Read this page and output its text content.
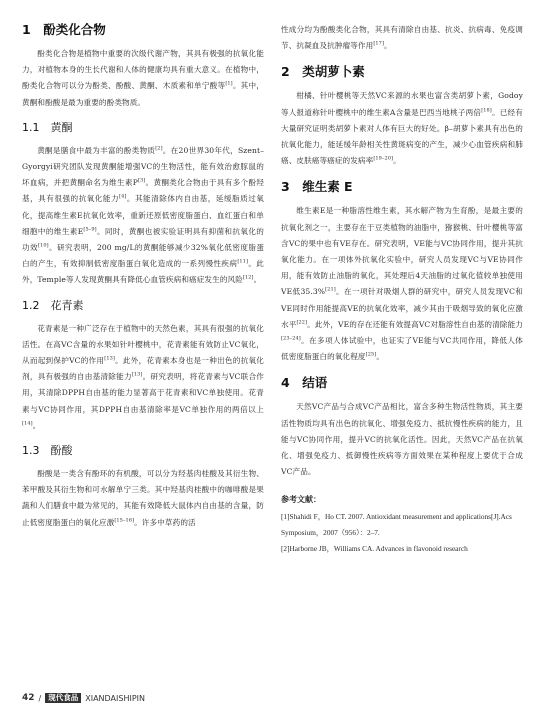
1　酚类化合物

酚类化合物是植物中重要的次级代谢产物，其具有极强的抗氧化能力，对植物本身的生长代谢和人体的健康均具有重大意义。在植物中，酚类化合物可以分为酚类、酚酸、黄酮、木质素和单宁酸等[1]。其中，黄酮和酚酸是最为重要的酚类物质。

1.1　黄酮

黄酮是膳食中最为丰富的酚类物质[2]。在20世界30年代，Szent–Gyorgyi研究团队发现黄酮能增强VC的生物活性，能有效治愈豚鼠的坏血病，并把黄酮命名为维生素P[3]。黄酮类化合物由于具有多个酚羟基，具有很强的抗氧化能力[4]。其能清除体内自由基，延缓脂质过氧化，提高维生素E抗氧化效率，重新还原低密度脂蛋白、血红蛋白和单细胞中的维生素E[5–9]。同时，黄酮也被实验证明具有抑菌和抗氧化的功效[10]。研究表明，200 mg/L的黄酮能够减少32%氧化低密度脂蛋白的产生，有效抑制低密度脂蛋白氧化造成的一系列慢性疾病[11]。此外，Temple等人发现黄酮具有降低心血管疾病和癌症发生的风险[12]。

1.2　花青素

花青素是一种广泛存在于植物中的天然色素，其具有很强的抗氧化活性。在高VC含量的水果如针叶樱桃中，花青素能有效防止VC氧化，从而起到保护VC的作用[13]。此外，花青素本身也是一种出色的抗氧化剂，具有极强的自由基清除能力[13]。研究表明，将花青素与VC联合作用，其清除DPPH自由基的能力显著高于花青素和VC单独使用。花青素与VC协同作用，其DPPH自由基清除率是VC单独作用的两倍以上[14]。

1.3　酚酸

酚酸是一类含有酚环的有机酸，可以分为羟基肉桂酸及其衍生物、苯甲酸及其衍生物和可水解单宁三类。其中羟基肉桂酸中的咖啡酸是果蔬和人们膳食中最为常见的，其能有效降低大鼠体内自由基的含量，防止低密度脂蛋白的氧化应激[15–16]。许多中草药的活

性成分均为酚酸类化合物，其具有清除自由基、抗炎、抗病毒、免疫调节、抗凝血及抗肿瘤等作用[17]。

2　类胡萝卜素

柑橘、针叶樱桃等天然VC来源的水果也富含类胡萝卜素，Godoy等人报道称针叶樱桃中的维生素A含量是巴西当地桃子两倍[18]。已经有大量研究证明类胡萝卜素对人体有巨大的好处。β–胡萝卜素具有出色的抗氧化能力，能延缓年龄相关性黄斑病变的产生，减少心血管疾病和肺癌、皮肤癌等癌症的发病率[19–20]。

3　维生素 E

维生素E是一种脂溶性维生素，其水解产物为生育酚，是最主要的抗氧化剂之一，主要存在于豆类植物的油脂中，猕猴桃、针叶樱桃等富含VC的果中也有VE存在。研究表明，VE能与VC协同作用，提升其抗氧化能力。在一项体外抗氧化实验中，研究人员发现VC与VE协同作用，能有效防止油脂的氧化，其处理后4天油脂的过氧化值较单独使用VE低35.3%[21]。在一项针对吸烟人群的研究中，研究人员发现VC和VE同时作用能提高VE的抗氧化效率，减少其由于吸烟导致的氧化应激水平[22]。此外，VE的存在还能有效提高VC对脂溶性自由基的清除能力[23–24]。在多项人体试验中，也证实了VE能与VC共同作用，降低人体低密度脂蛋白的氧化程度[25]。

4　结语

天然VC产品与合成VC产品相比，富含多种生物活性物质，其主要活性物质均具有出色的抗氧化、增强免疫力、抵抗慢性疾病的能力，且能与VC协同作用，提升VC的抗氧化活性。因此，天然VC产品在抗氧化、增强免疫力、抵御慢性疾病等方面效果在某种程度上要优于合成VC产品。

参考文献：

[1]Shahidi F，Ho CT. 2007. Antioxidant measurement and applications[J].Acs Symposium，2007（956）：2–7.

[2]Harborne JB，Williams CA. Advances in flavonoid research

42 / 现代食品 XIANDAISHIPIN
